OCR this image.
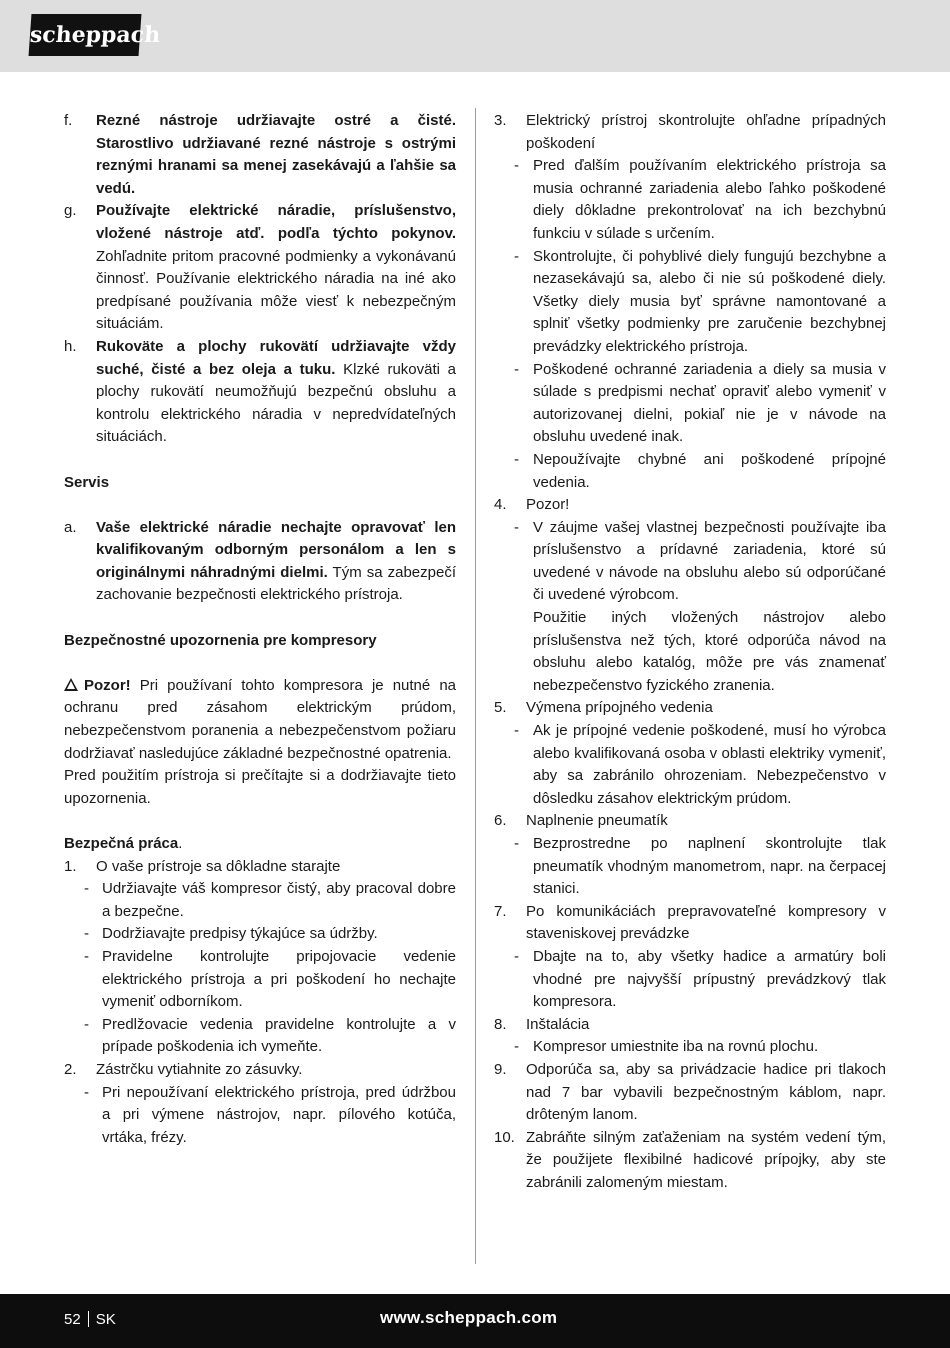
scheppach
f. Rezné nástroje udržiavajte ostré a čisté. Starostlivo udržiavané rezné nástroje s ostrými reznými hranami sa menej zasekávajú a ľahšie sa vedú.
g. Používajte elektrické náradie, príslušenstvo, vložené nástroje atď. podľa týchto pokynov. Zohľadnite pritom pracovné podmienky a vykonávanú činnosť. Používanie elektrického náradia na iné ako predpísané používania môže viesť k nebezpečným situáciám.
h. Rukoväte a plochy rukovätí udržiavajte vždy suché, čisté a bez oleja a tuku. Klzké rukoväti a plochy rukovätí neumožňujú bezpečnú obsluhu a kontrolu elektrického náradia v nepredvídateľných situáciách.
Servis
a. Vaše elektrické náradie nechajte opravovať len kvalifikovaným odborným personálom a len s originálnymi náhradnými dielmi. Tým sa zabezpečí zachovanie bezpečnosti elektrického prístroja.
Bezpečnostné upozornenia pre kompresory
Pozor! Pri používaní tohto kompresora je nutné na ochranu pred zásahom elektrickým prúdom, nebezpečenstvom poranenia a nebezpečenstvom požiaru dodržiavať nasledujúce základné bezpečnostné opatrenia.
Pred použitím prístroja si prečítajte si a dodržiavajte tieto upozornenia.
Bezpečná práca.
1. O vaše prístroje sa dôkladne starajte
- Udržiavajte váš kompresor čistý, aby pracoval dobre a bezpečne.
- Dodržiavajte predpisy týkajúce sa údržby.
- Pravidelne kontrolujte pripojovacie vedenie elektrického prístroja a pri poškodení ho nechajte vymeniť odborníkom.
- Predlžovacie vedenia pravidelne kontrolujte a v prípade poškodenia ich vymeňte.
2. Zástrčku vytiahnite zo zásuvky.
- Pri nepoužívaní elektrického prístroja, pred údržbou a pri výmene nástrojov, napr. pílového kotúča, vrtáka, frézy.
3. Elektrický prístroj skontrolujte ohľadne prípadných poškodení
- Pred ďalším používaním elektrického prístroja sa musia ochranné zariadenia alebo ľahko poškodené diely dôkladne prekontrolovať na ich bezchybnú funkciu v súlade s určením.
- Skontrolujte, či pohyblivé diely fungujú bezchybne a nezasekávajú sa, alebo či nie sú poškodené diely. Všetky diely musia byť správne namontované a splniť všetky podmienky pre zaručenie bezchybnej prevádzky elektrického prístroja.
- Poškodené ochranné zariadenia a diely sa musia v súlade s predpismi nechať opraviť alebo vymeniť v autorizovanej dielni, pokiaľ nie je v návode na obsluhu uvedené inak.
- Nepoužívajte chybné ani poškodené prípojné vedenia.
4. Pozor!
- V záujme vašej vlastnej bezpečnosti používajte iba príslušenstvo a prídavné zariadenia, ktoré sú uvedené v návode na obsluhu alebo sú odporúčané či uvedené výrobcom.
Použitie iných vložených nástrojov alebo príslušenstva než tých, ktoré odporúča návod na obsluhu alebo katalóg, môže pre vás znamenať nebezpečenstvo fyzického zranenia.
5. Výmena prípojného vedenia
- Ak je prípojné vedenie poškodené, musí ho výrobca alebo kvalifikovaná osoba v oblasti elektriky vymeniť, aby sa zabránilo ohrozeniam. Nebezpečenstvo v dôsledku zásahov elektrickým prúdom.
6. Naplnenie pneumatík
- Bezprostredne po naplnení skontrolujte tlak pneumatík vhodným manometrom, napr. na čerpacej stanici.
7. Po komunikáciách prepravovateľné kompresory v staveniskovej prevádzke
- Dbajte na to, aby všetky hadice a armatúry boli vhodné pre najvyšší prípustný prevádzkový tlak kompresora.
8. Inštalácia
- Kompresor umiestnite iba na rovnú plochu.
9. Odporúča sa, aby sa privádzacie hadice pri tlakoch nad 7 bar vybavili bezpečnostným káblom, napr. drôteným lanom.
10. Zabráňte silným zaťaženiam na systém vedení tým, že použijete flexibilné hadicové prípojky, aby ste zabránili zalomeným miestam.
52 SK	www.scheppach.com
